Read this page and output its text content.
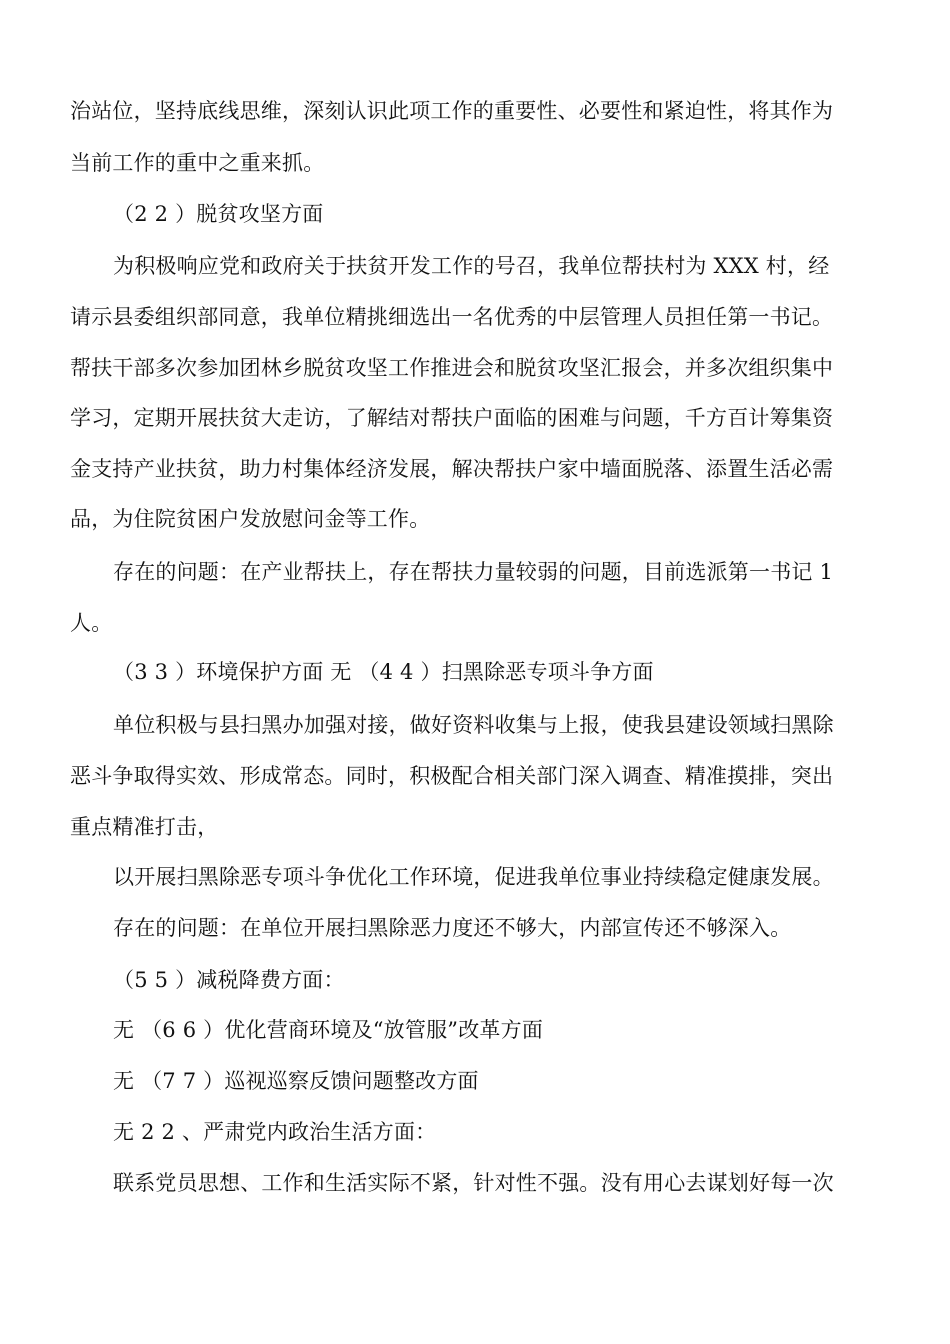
治站位，坚持底线思维，深刻认识此项工作的重要性、必要性和紧迫性，将其作为
当前工作的重中之重来抓。
（2 2 ）脱贫攻坚方面
为积极响应党和政府关于扶贫开发工作的号召，我单位帮扶村为 XXX 村，经
请示县委组织部同意，我单位精挑细选出一名优秀的中层管理人员担任第一书记。
帮扶干部多次参加团林乡脱贫攻坚工作推进会和脱贫攻坚汇报会，并多次组织集中
学习，定期开展扶贫大走访，了解结对帮扶户面临的困难与问题，千方百计筹集资
金支持产业扶贫，助力村集体经济发展，解决帮扶户家中墙面脱落、添置生活必需
品，为住院贫困户发放慰问金等工作。
存在的问题：在产业帮扶上，存在帮扶力量较弱的问题，目前选派第一书记 1
人。
（3 3 ）环境保护方面 无 （4 4 ）扫黑除恶专项斗争方面
单位积极与县扫黑办加强对接，做好资料收集与上报，使我县建设领域扫黑除
恶斗争取得实效、形成常态。同时，积极配合相关部门深入调查、精准摸排，突出
重点精准打击，
以开展扫黑除恶专项斗争优化工作环境，促进我单位事业持续稳定健康发展。
存在的问题：在单位开展扫黑除恶力度还不够大，内部宣传还不够深入。
（5 5 ）减税降费方面：
无 （6 6 ）优化营商环境及“放管服”改革方面
无 （7 7 ）巡视巡察反馈问题整改方面
无 2 2 、严肃党内政治生活方面：
联系党员思想、工作和生活实际不紧，针对性不强。没有用心去谋划好每一次
